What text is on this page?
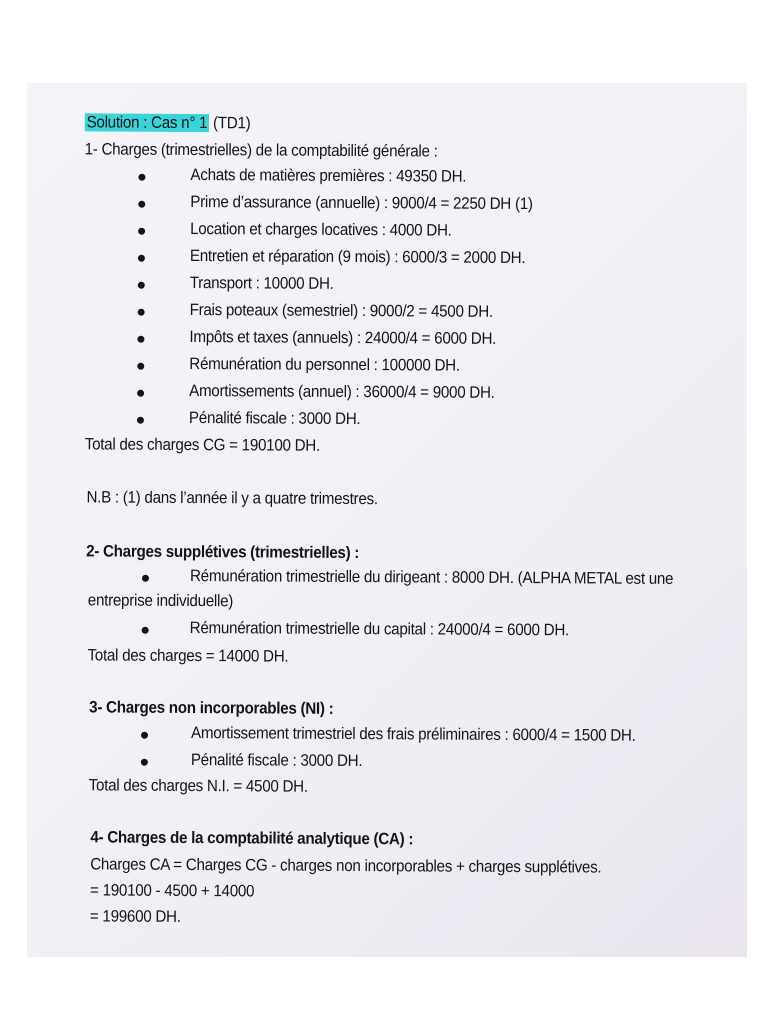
Solution : Cas n° 1 (TD1)
1- Charges (trimestrielles) de la comptabilité générale :
Achats de matières premières : 49350 DH.
Prime d’assurance (annuelle) : 9000/4 = 2250 DH (1)
Location et charges locatives : 4000 DH.
Entretien et réparation (9 mois) : 6000/3 = 2000 DH.
Transport : 10000 DH.
Frais poteaux (semestriel) : 9000/2 = 4500 DH.
Impôts et taxes (annuels) : 24000/4 = 6000 DH.
Rémunération du personnel : 100000 DH.
Amortissements (annuel) : 36000/4 = 9000 DH.
Pénalité fiscale : 3000 DH.
Total des charges CG = 190100 DH.
N.B : (1) dans l’année il y a quatre trimestres.
2- Charges supplétives (trimestrielles) :
Rémunération trimestrielle du dirigeant : 8000 DH. (ALPHA METAL est une
entreprise individuelle)
Rémunération trimestrielle du capital : 24000/4 = 6000 DH.
Total des charges = 14000 DH.
3- Charges non incorporables (NI) :
Amortissement trimestriel des frais préliminaires : 6000/4 = 1500 DH.
Pénalité fiscale : 3000 DH.
Total des charges N.I. = 4500 DH.
4- Charges de la comptabilité analytique (CA) :
Charges CA = Charges CG - charges non incorporables + charges supplétives.
= 190100 - 4500 + 14000
= 199600 DH.
